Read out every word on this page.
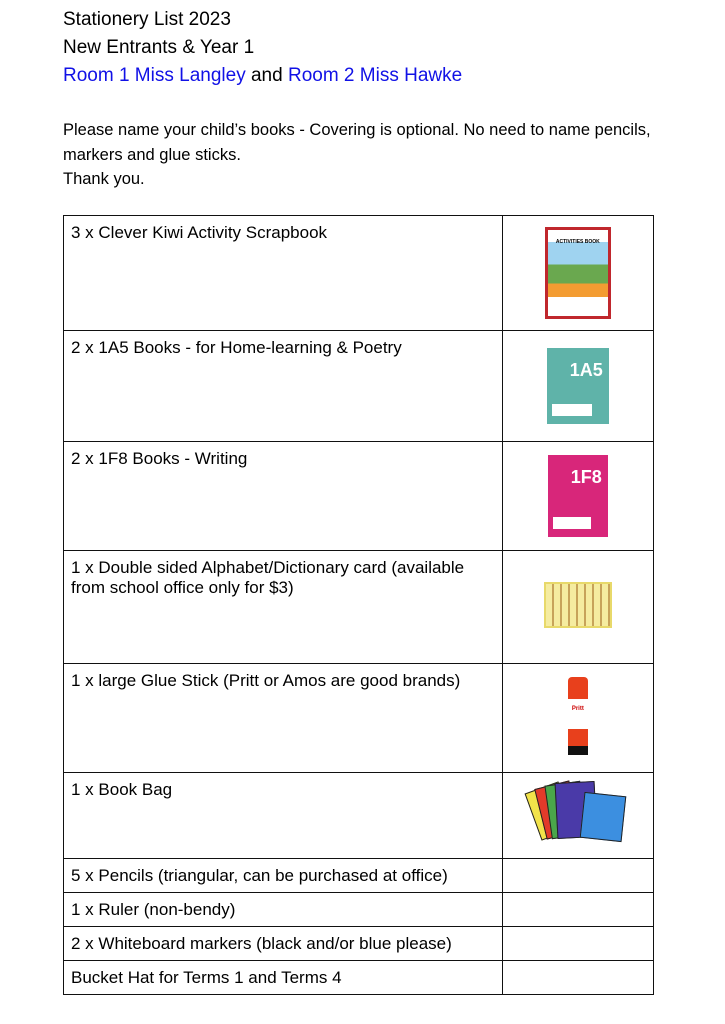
Stationery List 2023
New Entrants & Year 1
Room 1 Miss Langley and Room 2 Miss Hawke
Please name your child’s books - Covering is optional. No need to name pencils, markers and glue sticks.
Thank you.
3 x Clever Kiwi Activity Scrapbook	ACTIVITIES BOOK

2 x 1A5 Books - for Home-learning & Poetry	1A5

2 x 1F8 Books - Writing	1F8

1 x Double sided Alphabet/Dictionary card (available from school office only for $3)	
1 x large Glue Stick (Pritt or Amos are good brands)	Pritt

1 x Book Bag	

5 x Pencils (triangular, can be purchased at office)	
1 x Ruler (non-bendy)	
2 x Whiteboard markers (black and/or blue please)	
Bucket Hat for Terms 1 and Terms 4	
